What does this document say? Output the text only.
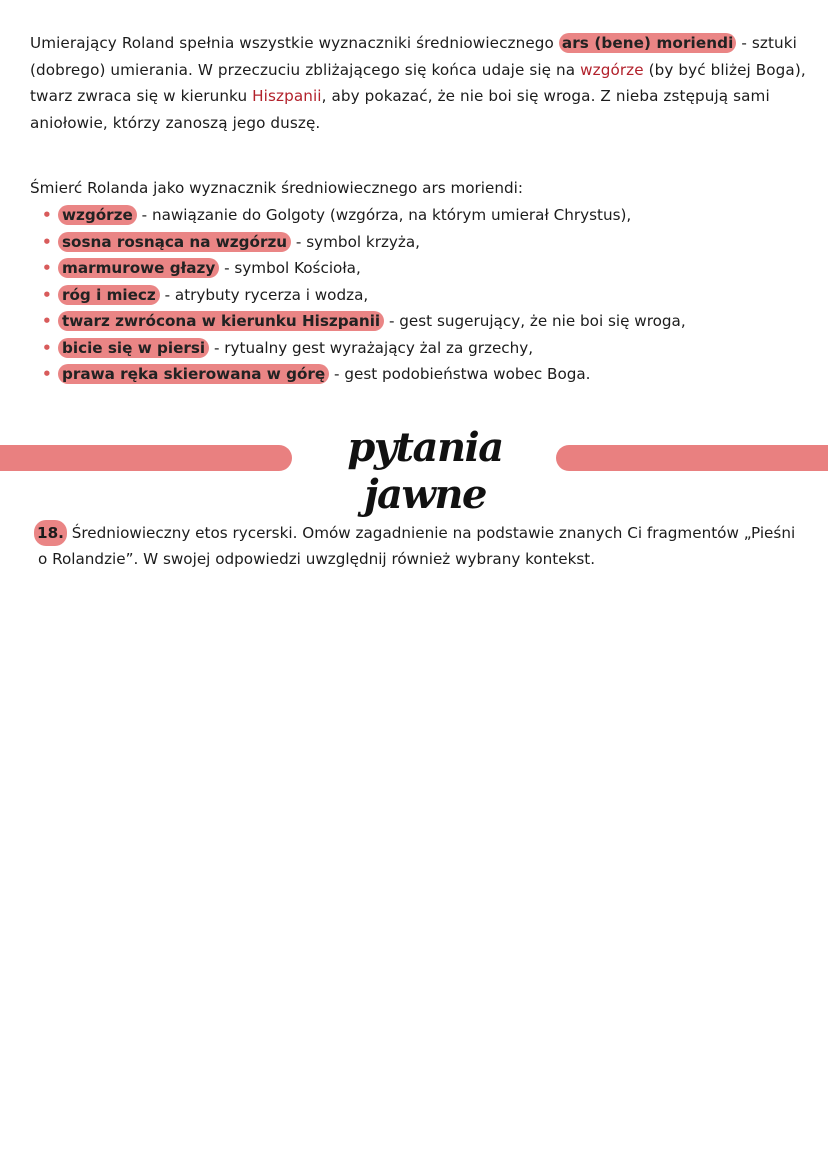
Umierający Roland spełnia wszystkie wyznaczniki średniowiecznego ars (bene) moriendi - sztuki (dobrego) umierania. W przeczuciu zbliżającego się końca udaje się na wzgórze (by być bliżej Boga), twarz zwraca się w kierunku Hiszpanii, aby pokazać, że nie boi się wroga. Z nieba zstępują sami aniołowie, którzy zanoszą jego duszę.

Śmierć Rolanda jako wyznacznik średniowiecznego ars moriendi:

• wzgórze - nawiązanie do Golgoty (wzgórza, na którym umierał Chrystus),
• sosna rosnąca na wzgórzu - symbol krzyża,
• marmurowe głazy - symbol Kościoła,
• róg i miecz - atrybuty rycerza i wodza,
• twarz zwrócona w kierunku Hiszpanii - gest sugerujący, że nie boi się wroga,
• bicie się w piersi - rytualny gest wyrażający żal za grzechy,
• prawa ręka skierowana w górę - gest podobieństwa wobec Boga.
pytania jawne
18. Średniowieczny etos rycerski. Omów zagadnienie na podstawie znanych Ci fragmentów „Pieśni o Rolandzie”. W swojej odpowiedzi uwzględnij również wybrany kontekst.
